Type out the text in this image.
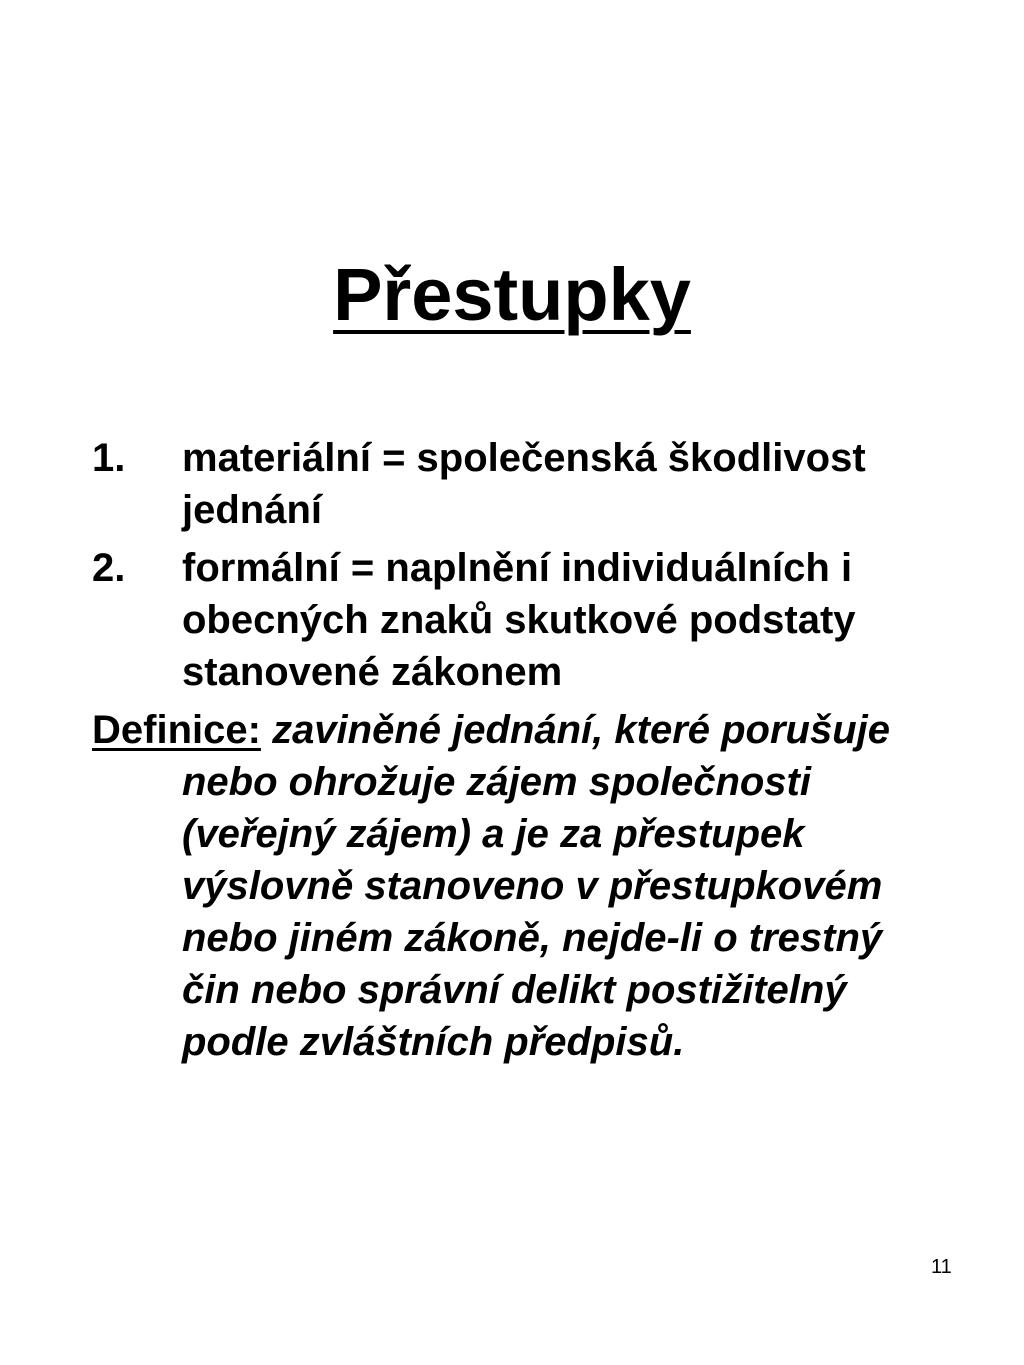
Přestupky
1. materiální = společenská škodlivost jednání
2. formální = naplnění individuálních i obecných znaků skutkové podstaty stanovené zákonem
Definice: zaviněné jednání, které porušuje nebo ohrožuje zájem společnosti (veřejný zájem) a je za přestupek výslovně stanoveno v přestupkovém nebo jiném zákoně, nejde-li o trestný čin nebo správní delikt postižitelný podle zvláštních předpisů.
11
